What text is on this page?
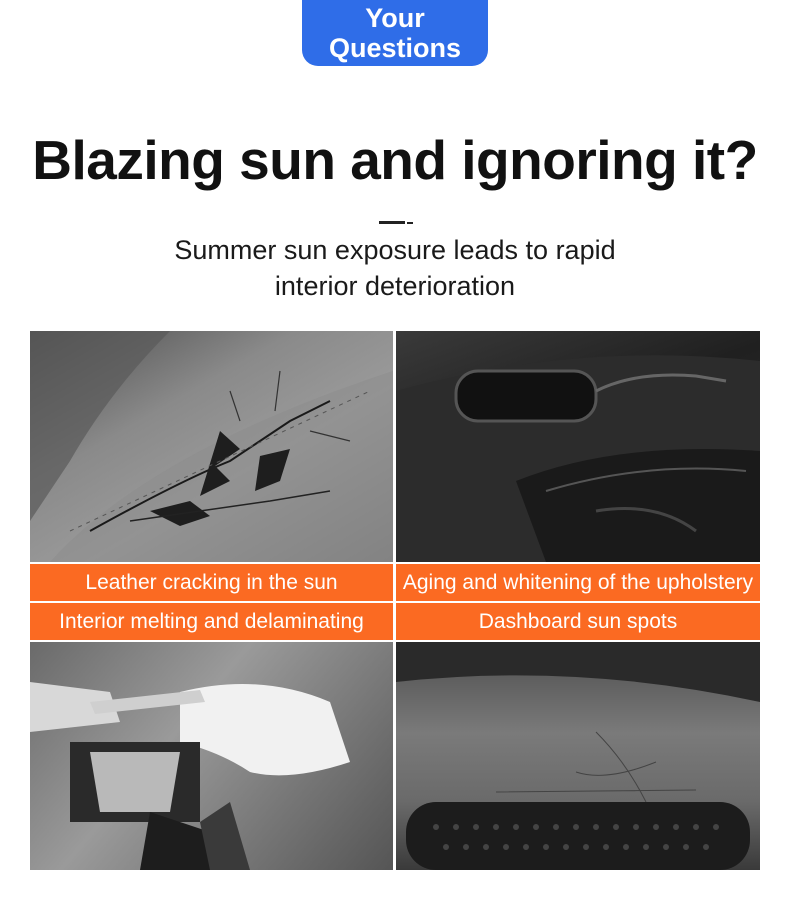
Your
Questions
Blazing sun and ignoring it?
Summer sun exposure leads to rapid
interior deterioration
Leather cracking in the sun	Aging and whitening of the upholstery
Interior melting and delaminating	Dashboard sun spots
